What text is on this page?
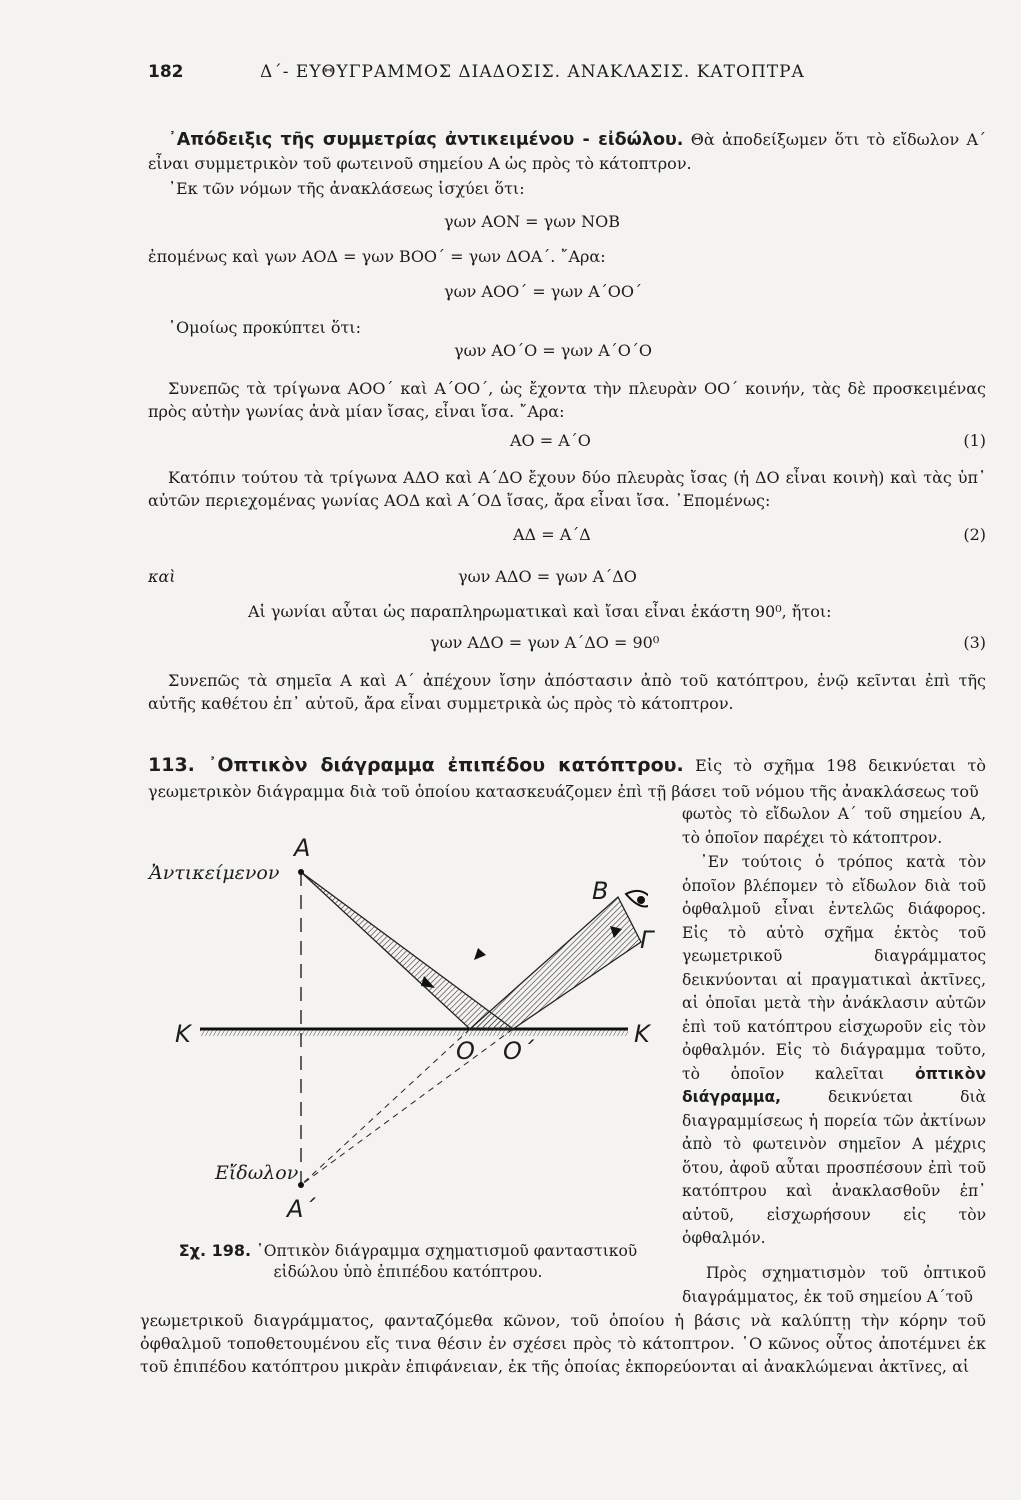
182	Δ΄- ΕΥΘΥΓΡΑΜΜΟΣ ΔΙΑΔΟΣΙΣ. ΑΝΑΚΛΑΣΙΣ. ΚΑΤΟΠΤΡΑ
᾿Απόδειξις τῆς συμμετρίας ἀντικειμένου - εἰδώλου. Θὰ ἀποδείξωμεν ὅτι τὸ εἴδωλον Α΄ εἶναι συμμετρικὸν τοῦ φωτεινοῦ σημείου Α ὡς πρὸς τὸ κάτοπτρον.
᾿Εκ τῶν νόμων τῆς ἀνακλάσεως ἰσχύει ὅτι:
γων ΑΟΝ = γων ΝΟΒ
ἐπομένως καὶ γων ΑΟΔ = γων ΒΟΟ΄ = γων ΔΟΑ΄. ῎Αρα:
γων ΑΟΟ΄ = γων Α΄ΟΟ΄
῾Ομοίως προκύπτει ὅτι:
γων ΑΟ΄Ο = γων Α΄Ο΄Ο
Συνεπῶς τὰ τρίγωνα ΑΟΟ΄ καὶ Α΄ΟΟ΄, ὡς ἔχοντα τὴν πλευρὰν ΟΟ΄ κοινήν, τὰς δὲ προσκειμένας πρὸς αὐτὴν γωνίας ἀνὰ μίαν ἴσας, εἶναι ἴσα. ῎Αρα:
ΑΟ = Α΄Ο	(1)
Κατόπιν τούτου τὰ τρίγωνα ΑΔΟ καὶ Α΄ΔΟ ἔχουν δύο πλευρὰς ἴσας (ἡ ΔΟ εἶναι κοινὴ) καὶ τὰς ὑπ᾿ αὐτῶν περιεχομένας γωνίας ΑΟΔ καὶ Α΄ΟΔ ἴσας, ἄρα εἶναι ἴσα. ᾿Επομένως:
ΑΔ = Α΄Δ	(2)
καὶ	γων ΑΔΟ = γων Α΄ΔΟ
Αἱ γωνίαι αὗται ὡς παραπληρωματικαὶ καὶ ἴσαι εἶναι ἑκάστη 90⁰, ἤτοι:
γων ΑΔΟ = γων Α΄ΔΟ = 90⁰	(3)
Συνεπῶς τὰ σημεῖα Α καὶ Α΄ ἀπέχουν ἴσην ἀπόστασιν ἀπὸ τοῦ κατόπτρου, ἐνῷ κεῖνται ἐπὶ τῆς αὐτῆς καθέτου ἐπ᾿ αὐτοῦ, ἄρα εἶναι συμμετρικὰ ὡς πρὸς τὸ κάτοπτρον.
113. ᾿Οπτικὸν διάγραμμα ἐπιπέδου κατόπτρου. Εἰς τὸ σχῆμα 198 δεικνύεται τὸ γεωμετρικὸν διάγραμμα διὰ τοῦ ὁποίου κατασκευάζομεν ἐπὶ τῇ βάσει τοῦ νόμου τῆς ἀνακλάσεως τοῦ
φωτὸς τὸ εἴδωλον Α΄ τοῦ σημείου Α, τὸ ὁποῖον παρέχει τὸ κάτοπτρον.
᾿Εν τούτοις ὁ τρόπος κατὰ τὸν ὁποῖον βλέπομεν τὸ εἴδωλον διὰ τοῦ ὀφθαλμοῦ εἶναι ἐντελῶς διάφορος. Εἰς τὸ αὐτὸ σχῆμα ἐκτὸς τοῦ γεωμετρικοῦ διαγράμματος δεικνύονται αἱ πραγματικαὶ ἀκτῖνες, αἱ ὁποῖαι μετὰ τὴν ἀνάκλασιν αὐτῶν ἐπὶ τοῦ κατόπτρου εἰσχωροῦν εἰς τὸν ὀφθαλμόν. Εἰς τὸ διάγραμμα τοῦτο, τὸ ὁποῖον καλεῖται ὀπτικὸν διάγραμμα, δεικνύεται διὰ διαγραμμίσεως ἡ πορεία τῶν ἀκτίνων ἀπὸ τὸ φωτεινὸν σημεῖον Α μέχρις ὅτου, ἀφοῦ αὗται προσπέσουν ἐπὶ τοῦ κατόπτρου καὶ ἀνακλασθοῦν ἐπ᾿ αὐτοῦ, εἰσχωρήσουν εἰς τὸν ὀφθαλμόν.
Πρὸς σχηματισμὸν τοῦ ὀπτικοῦ διαγράμματος, ἐκ τοῦ σημείου Α΄τοῦ
γεωμετρικοῦ διαγράμματος, φανταζόμεθα κῶνον, τοῦ ὁποίου ἡ βάσις νὰ καλύπτῃ τὴν κόρην τοῦ ὀφθαλμοῦ τοποθετουμένου εἴς τινα θέσιν ἐν σχέσει πρὸς τὸ κάτοπτρον. ῾Ο κῶνος οὗτος ἀποτέμνει ἐκ τοῦ ἐπιπέδου κατόπτρου μικρὰν ἐπιφάνειαν, ἐκ τῆς ὁποίας ἐκπορεύονται αἱ ἀνακλώμεναι ἀκτῖνες, αἱ
A
Ἀντικείμενον
B
Γ
K	K
O O΄
Εἴδωλον
A΄
Σχ. 198. ᾿Οπτικὸν διάγραμμα σχηματισμοῦ φανταστικοῦ εἰδώλου ὑπὸ ἐπιπέδου κατόπτρου.
